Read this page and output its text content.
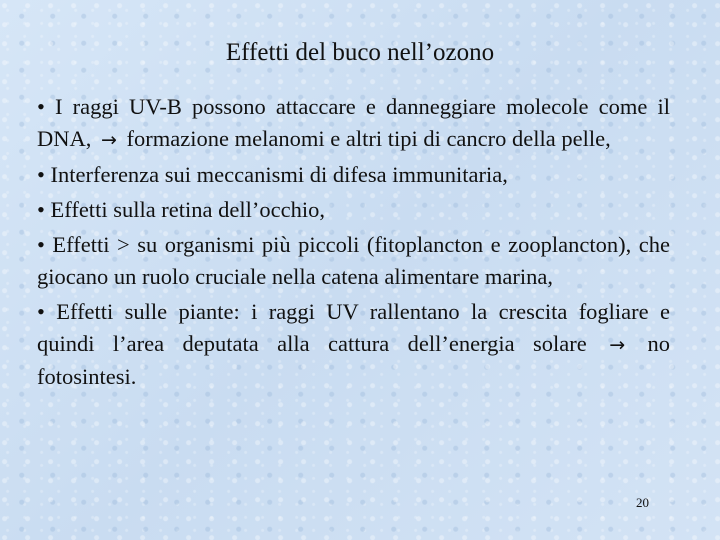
Effetti del buco nell’ozono

• I raggi UV-B possono attaccare e danneggiare molecole come il DNA, → formazione melanomi e altri tipi di cancro della pelle,

• Interferenza sui meccanismi di difesa immunitaria,

• Effetti sulla retina dell’occhio,

• Effetti > su organismi più piccoli (fitoplancton e zooplancton), che giocano un ruolo cruciale nella catena alimentare marina,

• Effetti sulle piante: i raggi UV rallentano la crescita fogliare e quindi l’area deputata alla cattura dell’energia solare → no fotosintesi.

20
